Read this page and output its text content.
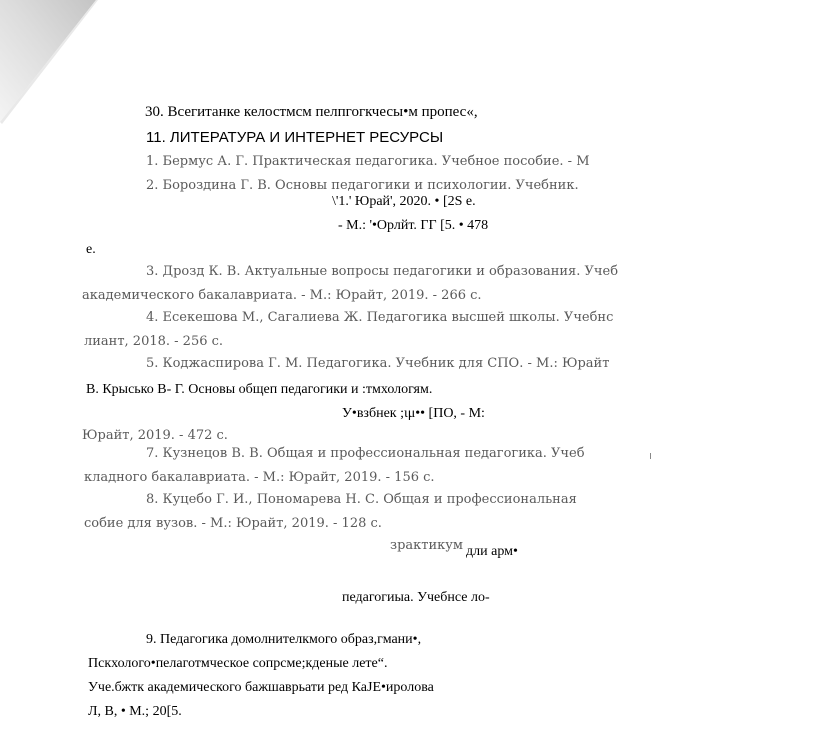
30. Всегитанке келостмсм пелпгогкчесы•м пропес«,
11. ЛИТЕРАТУРА И ИНТЕРНЕТ РЕСУРСЫ
1. Бермус А. Г. Практическая педагогика. Учебное пособие. - М
2. Бороздина Г. В. Основы педагогики и психологии. Учебник.
\'1.' Юрай', 2020. • [2S е.
- М.: '•Орлйт. ГГ [5. • 478
е.
3. Дрозд К. В. Актуальные вопросы педагогики и образования. Учеб
академического бакалавриата. - М.: Юрайт, 2019. - 266 с.
4. Есекешова М., Сагалиева Ж. Педагогика высшей школы. Учебнс
лиант, 2018. - 256 с.
5. Коджаспирова Г. М. Педагогика. Учебник для СПО. - М.: Юрайт
В. Крысько В- Г. Основы общеп педагогики и :тмхологям.
У•взбнек ;ιμ•• [ПО, - М:
Юрайт, 2019. - 472 с.
7. Кузнецов В. В. Общая и профессиональная педагогика. Учеб
кладного бакалавриата. - М.: Юрайт, 2019. - 156 с.
8. Куцебо Г. И., Пономарева Н. С. Общая и профессиональная
собие для вузов. - М.: Юрайт, 2019. - 128 с.
зрактикум дли арм•
педагогиыа. Учебнсе ло-
9. Педагогика домолнителкмого образ,гмани•,
Пскхолого•пелаготмческое сопрсме;кденые лете“.
Уче.бжтк академического бажшаврьати ред КаJE•иролова
Л, В, • М.; 20[5.
